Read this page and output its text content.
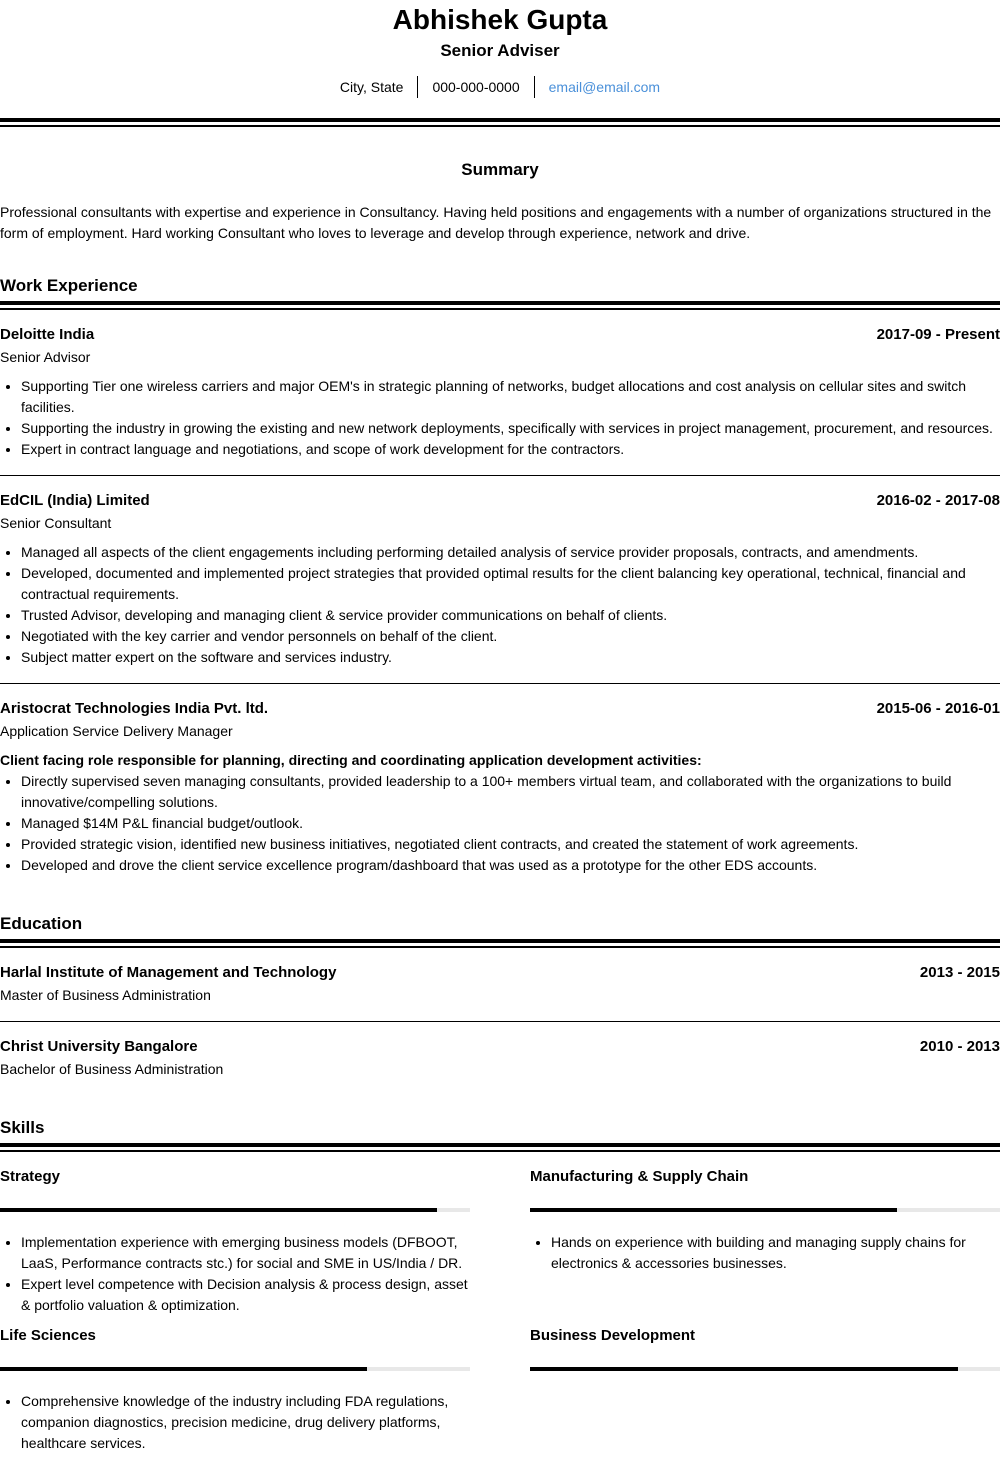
Abhishek Gupta
Senior Adviser
City, State	000-000-0000	email@email.com
Summary

Professional consultants with expertise and experience in Consultancy. Having held positions and engagements with a number of organizations structured in the form of employment. Hard working Consultant who loves to leverage and develop through experience, network and drive.

Work Experience
Deloitte India	2017-09 - Present
Senior Advisor
• Supporting Tier one wireless carriers and major OEM's in strategic planning of networks, budget allocations and cost analysis on cellular sites and switch facilities.
• Supporting the industry in growing the existing and new network deployments, specifically with services in project management, procurement, and resources.
• Expert in contract language and negotiations, and scope of work development for the contractors.
EdCIL (India) Limited	2016-02 - 2017-08
Senior Consultant
• Managed all aspects of the client engagements including performing detailed analysis of service provider proposals, contracts, and amendments.
• Developed, documented and implemented project strategies that provided optimal results for the client balancing key operational, technical, financial and contractual requirements.
• Trusted Advisor, developing and managing client & service provider communications on behalf of clients.
• Negotiated with the key carrier and vendor personnels on behalf of the client.
• Subject matter expert on the software and services industry.
Aristocrat Technologies India Pvt. ltd.	2015-06 - 2016-01
Application Service Delivery Manager
Client facing role responsible for planning, directing and coordinating application development activities:
• Directly supervised seven managing consultants, provided leadership to a 100+ members virtual team, and collaborated with the organizations to build innovative/compelling solutions.
• Managed $14M P&L financial budget/outlook.
• Provided strategic vision, identified new business initiatives, negotiated client contracts, and created the statement of work agreements.
• Developed and drove the client service excellence program/dashboard that was used as a prototype for the other EDS accounts.
Education
Harlal Institute of Management and Technology	2013 - 2015
Master of Business Administration
Christ University Bangalore	2010 - 2013
Bachelor of Business Administration
Skills
Strategy
• Implementation experience with emerging business models (DFBOOT, LaaS, Performance contracts stc.) for social and SME in US/India / DR.
• Expert level competence with Decision analysis & process design, asset & portfolio valuation & optimization.
Manufacturing & Supply Chain
• Hands on experience with building and managing supply chains for electronics & accessories businesses.
Life Sciences
• Comprehensive knowledge of the industry including FDA regulations, companion diagnostics, precision medicine, drug delivery platforms, healthcare services.
Business Development
